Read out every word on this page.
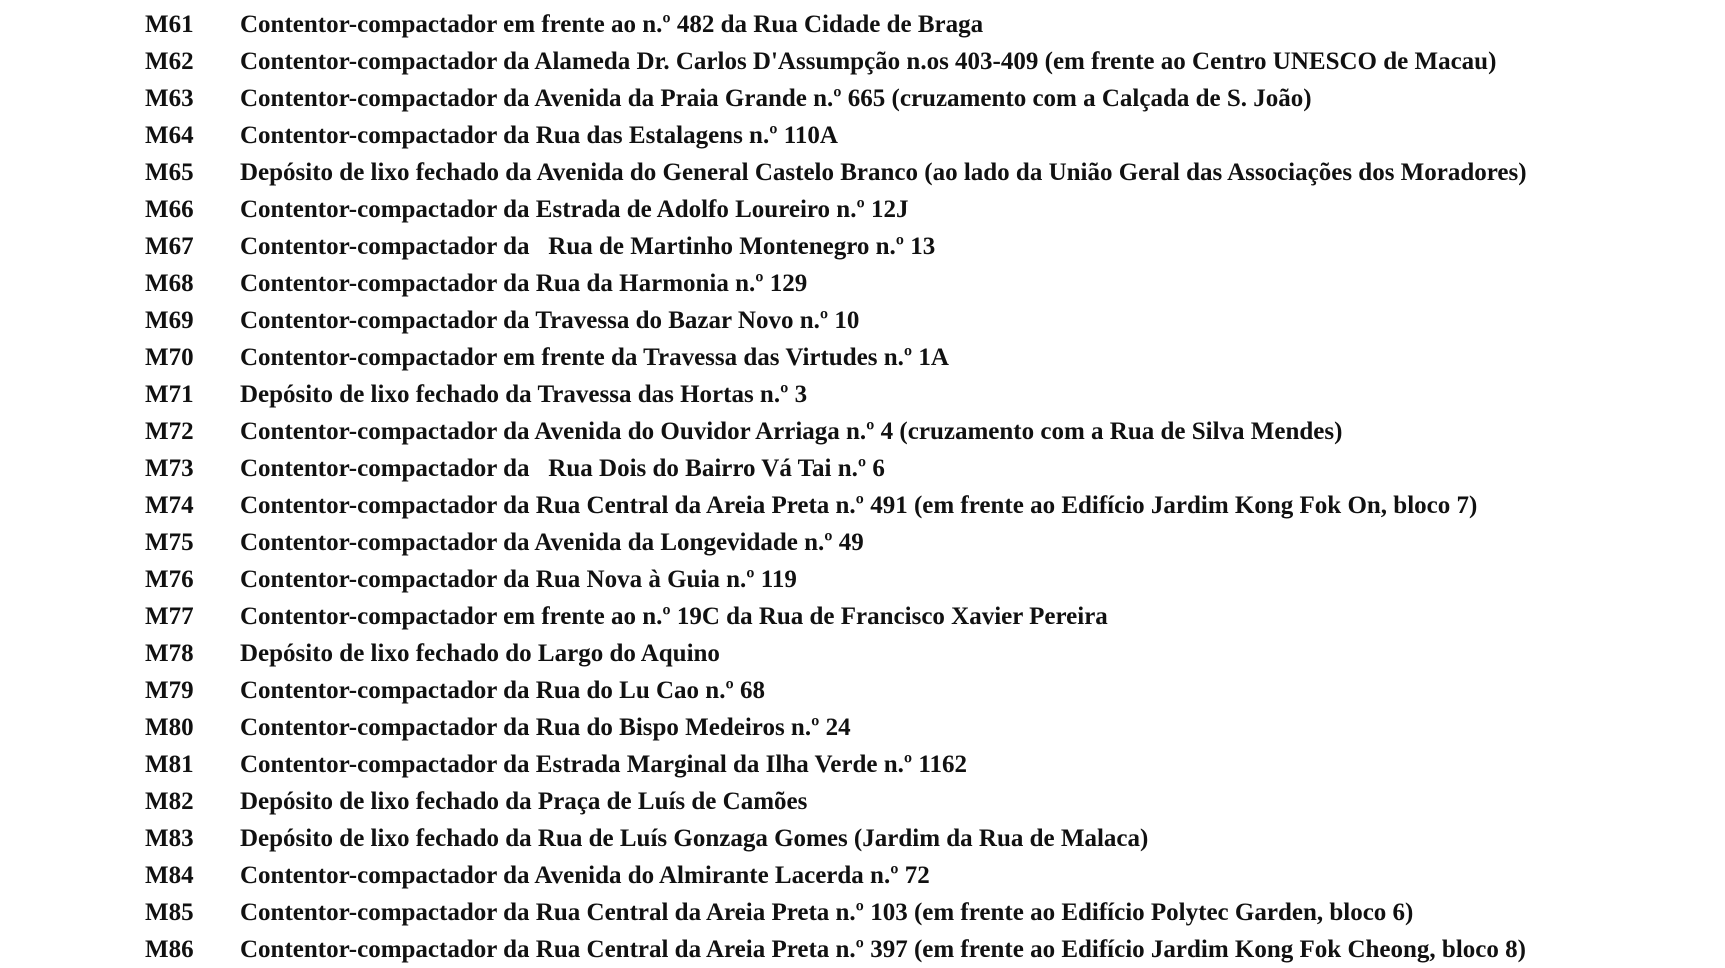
M61	Contentor-compactador em frente ao n.º 482 da Rua Cidade de Braga
M62	Contentor-compactador da Alameda Dr. Carlos D'Assumpção n.os 403-409 (em frente ao Centro UNESCO de Macau)
M63	Contentor-compactador da Avenida da Praia Grande n.º 665 (cruzamento com a Calçada de S. João)
M64	Contentor-compactador da Rua das Estalagens n.º 110A
M65	Depósito de lixo fechado da Avenida do General Castelo Branco (ao lado da União Geral das Associações dos Moradores)
M66	Contentor-compactador da Estrada de Adolfo Loureiro n.º 12J
M67	Contentor-compactador da   Rua de Martinho Montenegro n.º 13
M68	Contentor-compactador da Rua da Harmonia n.º 129
M69	Contentor-compactador da Travessa do Bazar Novo n.º 10
M70	Contentor-compactador em frente da Travessa das Virtudes n.º 1A
M71	Depósito de lixo fechado da Travessa das Hortas n.º 3
M72	Contentor-compactador da Avenida do Ouvidor Arriaga n.º 4 (cruzamento com a Rua de Silva Mendes)
M73	Contentor-compactador da   Rua Dois do Bairro Vá Tai n.º 6
M74	Contentor-compactador da Rua Central da Areia Preta n.º 491 (em frente ao Edifício Jardim Kong Fok On, bloco 7)
M75	Contentor-compactador da Avenida da Longevidade n.º 49
M76	Contentor-compactador da Rua Nova à Guia n.º 119
M77	Contentor-compactador em frente ao n.º 19C da Rua de Francisco Xavier Pereira
M78	Depósito de lixo fechado do Largo do Aquino
M79	Contentor-compactador da Rua do Lu Cao n.º 68
M80	Contentor-compactador da Rua do Bispo Medeiros n.º 24
M81	Contentor-compactador da Estrada Marginal da Ilha Verde n.º 1162
M82	Depósito de lixo fechado da Praça de Luís de Camões
M83	Depósito de lixo fechado da Rua de Luís Gonzaga Gomes (Jardim da Rua de Malaca)
M84	Contentor-compactador da Avenida do Almirante Lacerda n.º 72
M85	Contentor-compactador da Rua Central da Areia Preta n.º 103 (em frente ao Edifício Polytec Garden, bloco 6)
M86	Contentor-compactador da Rua Central da Areia Preta n.º 397 (em frente ao Edifício Jardim Kong Fok Cheong, bloco 8)
